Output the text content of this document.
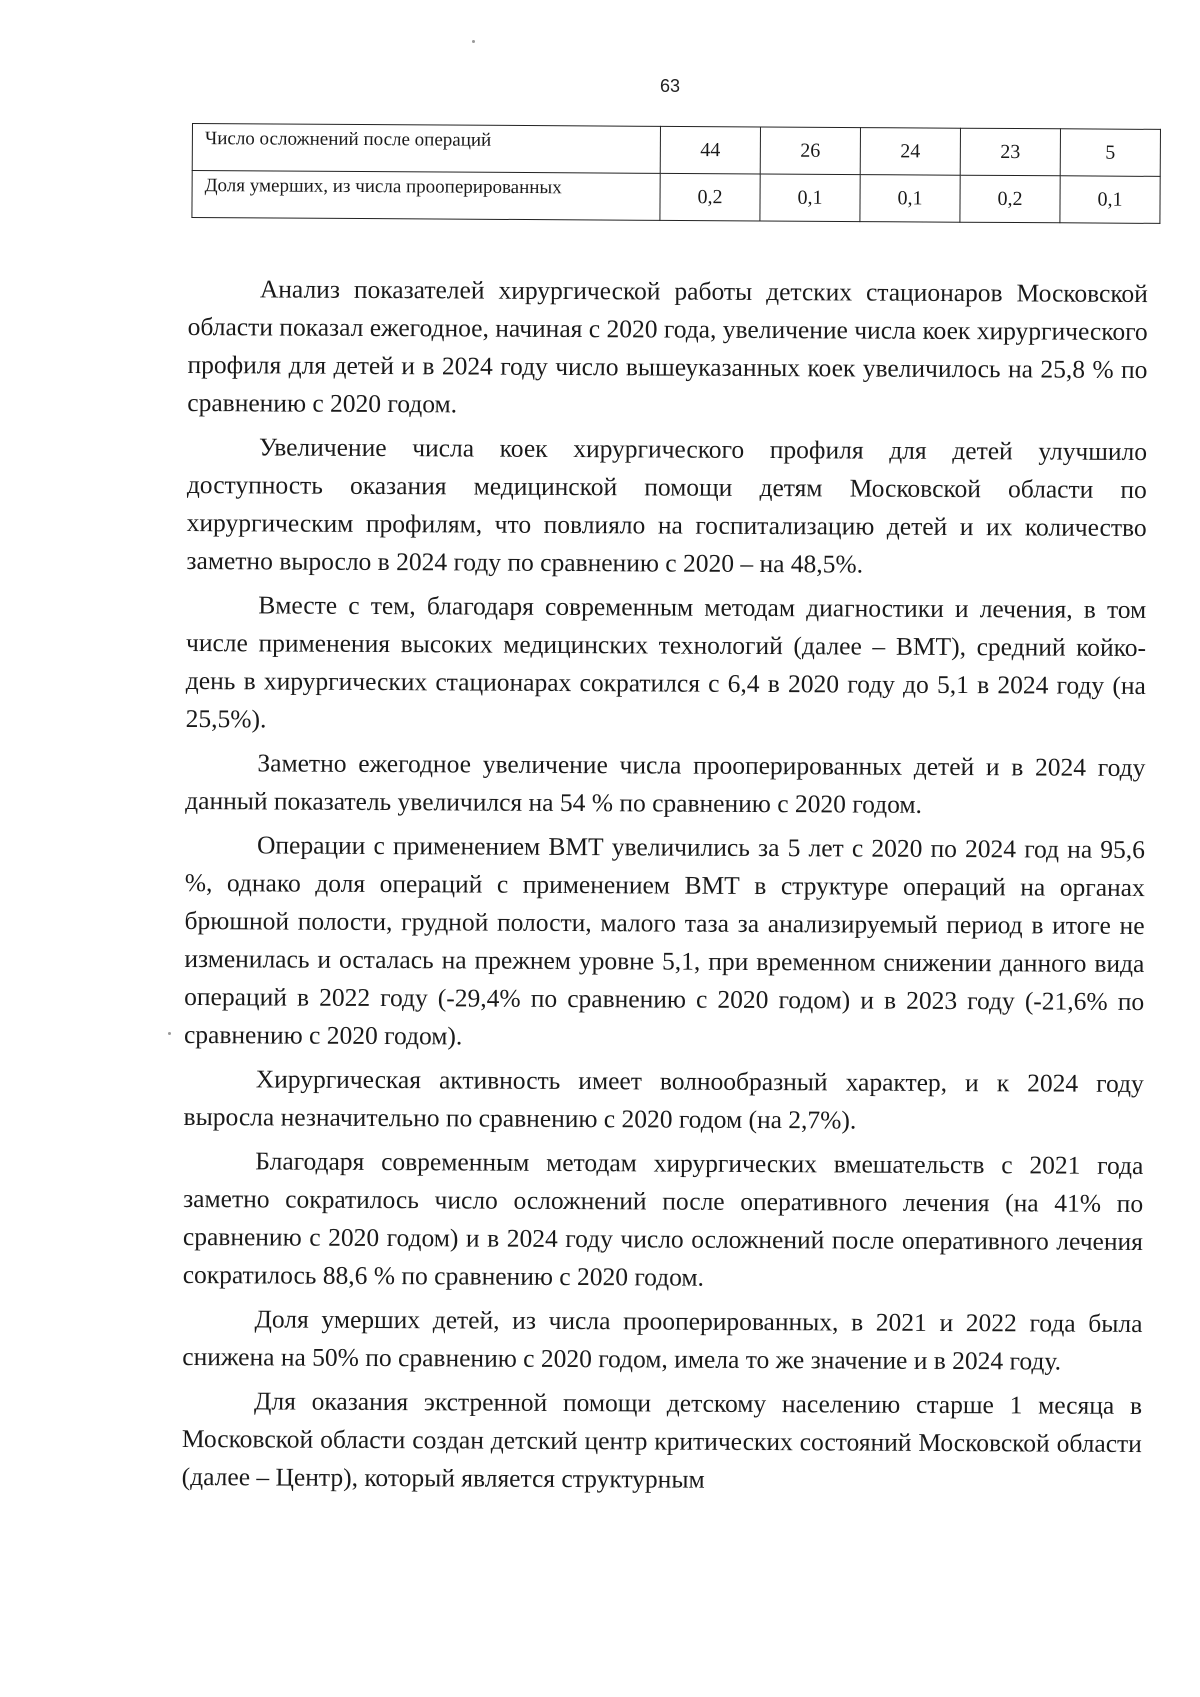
63
Число осложнений после операций	44	26	24	23	5
Доля умерших, из числа прооперированных	0,2	0,1	0,1	0,2	0,1

Анализ показателей хирургической работы детских стационаров Московской области показал ежегодное, начиная с 2020 года, увеличение числа коек хирургического профиля для детей и в 2024 году число вышеуказанных коек увеличилось на 25,8 % по сравнению с 2020 годом.

Увеличение числа коек хирургического профиля для детей улучшило доступность оказания медицинской помощи детям Московской области по хирургическим профилям, что повлияло на госпитализацию детей и их количество заметно выросло в 2024 году по сравнению с 2020 – на 48,5%.

Вместе с тем, благодаря современным методам диагностики и лечения, в том числе применения высоких медицинских технологий (далее – ВМТ), средний койко-день в хирургических стационарах сократился с 6,4 в 2020 году до 5,1 в 2024 году (на 25,5%).

Заметно ежегодное увеличение числа прооперированных детей и в 2024 году данный показатель увеличился на 54 % по сравнению с 2020 годом.

Операции с применением ВМТ увеличились за 5 лет с 2020 по 2024 год на 95,6 %, однако доля операций с применением ВМТ в структуре операций на органах брюшной полости, грудной полости, малого таза за анализируемый период в итоге не изменилась и осталась на прежнем уровне 5,1, при временном снижении данного вида операций в 2022 году (-29,4% по сравнению с 2020 годом) и в 2023 году (-21,6% по сравнению с 2020 годом).

Хирургическая активность имеет волнообразный характер, и к 2024 году выросла незначительно по сравнению с 2020 годом (на 2,7%).

Благодаря современным методам хирургических вмешательств с 2021 года заметно сократилось число осложнений после оперативного лечения (на 41% по сравнению с 2020 годом) и в 2024 году число осложнений после оперативного лечения сократилось 88,6 % по сравнению с 2020 годом.

Доля умерших детей, из числа прооперированных, в 2021 и 2022 года была снижена на 50% по сравнению с 2020 годом, имела то же значение и в 2024 году.

Для оказания экстренной помощи детскому населению старше 1 месяца в Московской области создан детский центр критических состояний Московской области (далее – Центр), который является структурным
